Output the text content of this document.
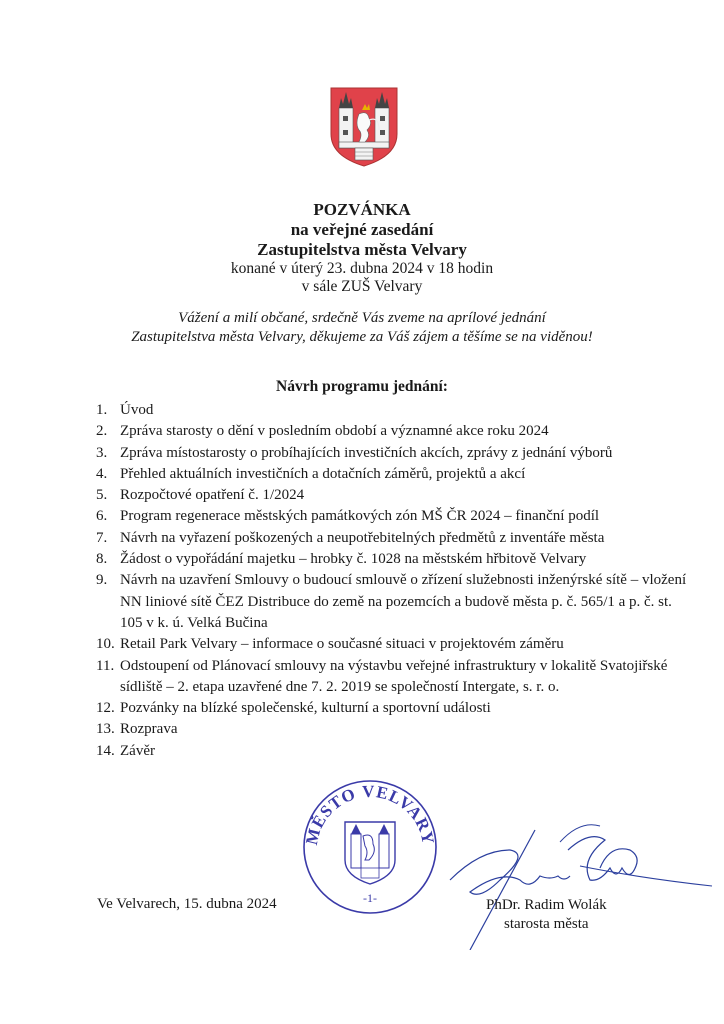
POZVÁNKA
na veřejné zasedání
Zastupitelstva města Velvary
konané v úterý 23. dubna 2024 v 18 hodin
v sále ZUŠ Velvary
Vážení a milí občané, srdečně Vás zveme na aprílové jednání
Zastupitelstva města Velvary, děkujeme za Váš zájem a těšíme se na viděnou!
Návrh programu jednání:
1. Úvod
2. Zpráva starosty o dění v posledním období a významné akce roku 2024
3. Zpráva místostarosty o probíhajících investičních akcích, zprávy z jednání výborů
4. Přehled aktuálních investičních a dotačních záměrů, projektů a akcí
5. Rozpočtové opatření č. 1/2024
6. Program regenerace městských památkových zón MŠ ČR 2024 – finanční podíl
7. Návrh na vyřazení poškozených a neupotřebitelných předmětů z inventáře města
8. Žádost o vypořádání majetku – hrobky č. 1028 na městském hřbitově Velvary
9. Návrh na uzavření Smlouvy o budoucí smlouvě o zřízení služebnosti inženýrské sítě – vložení NN liniové sítě ČEZ Distribuce do země na pozemcích a budově města p. č. 565/1 a p. č. st. 105 v k. ú. Velká Bučina
10. Retail Park Velvary – informace o současné situaci v projektovém záměru
11. Odstoupení od Plánovací smlouvy na výstavbu veřejné infrastruktury v lokalitě Svatojiřské sídliště – 2. etapa uzavřené dne 7. 2. 2019 se společností Intergate, s. r. o.
12. Pozvánky na blízké společenské, kulturní a sportovní události
13. Rozprava
14. Závěr
MĚSTO VELVARY
-1-
Ve Velvarech, 15. dubna 2024	PhDr. Radim Wolák
starosta města
